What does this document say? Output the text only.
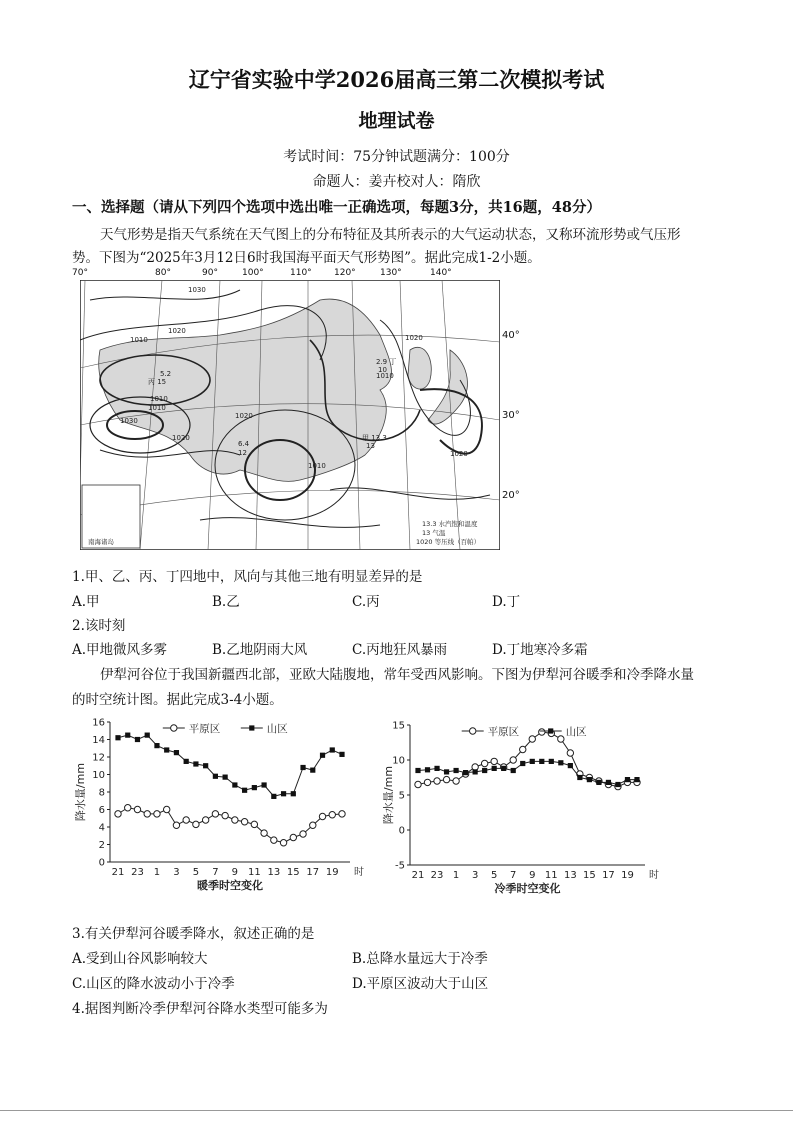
辽宁省实验中学2026届高三第二次模拟考试
地理试卷
考试时间：75分钟试题满分：100分
命题人：姜卉校对人：隋欣
一、选择题（请从下列四个选项中选出唯一正确选项，每题3分，共16题，48分）
天气形势是指天气系统在天气图上的分布特征及其所表示的大气运动状态，又称环流形势或气压形
势。下图为“2025年3月12日6时我国海平面天气形势图”。据此完成1-2小题。
1030
1020
1010
1010
1010
1030
1020
1020
1010
1010
1020
1020
5.2
丙 15
2.9 丁
10
6.4
12
甲 13.3
13
南海诸岛
13.3 水汽饱和温度
13 气温
1020 等压线（百帕）
70°	80°	90°	100°	110° 120°	130°	140°
40°
30°
20°
1.甲、乙、丙、丁四地中，风向与其他三地有明显差异的是
A.甲	B.乙	C.丙	D.丁
2.该时刻
A.甲地微风多雾	B.乙地阴雨大风	C.丙地狂风暴雨	D.丁地寒冷多霜
伊犁河谷位于我国新疆西北部，亚欧大陆腹地，常年受西风影响。下图为伊犁河谷暖季和冷季降水量
的时空统计图。据此完成3-4小题。
0
2
4
6
8
10
12
14
16
21 23 1 3 5 7 9 11 13 15 17 19 时
暖季时空变化
降水量/mm
平原区	山区
-5
0
5
10
15
21 23 1 3 5 7 9 11 13 15 17 19 时
冷季时空变化
降水量/mm
平原区	山区
3.有关伊犁河谷暖季降水，叙述正确的是
A.受到山谷风影响较大	B.总降水量远大于冷季
C.山区的降水波动小于冷季	D.平原区波动大于山区
4.据图判断冷季伊犁河谷降水类型可能多为
